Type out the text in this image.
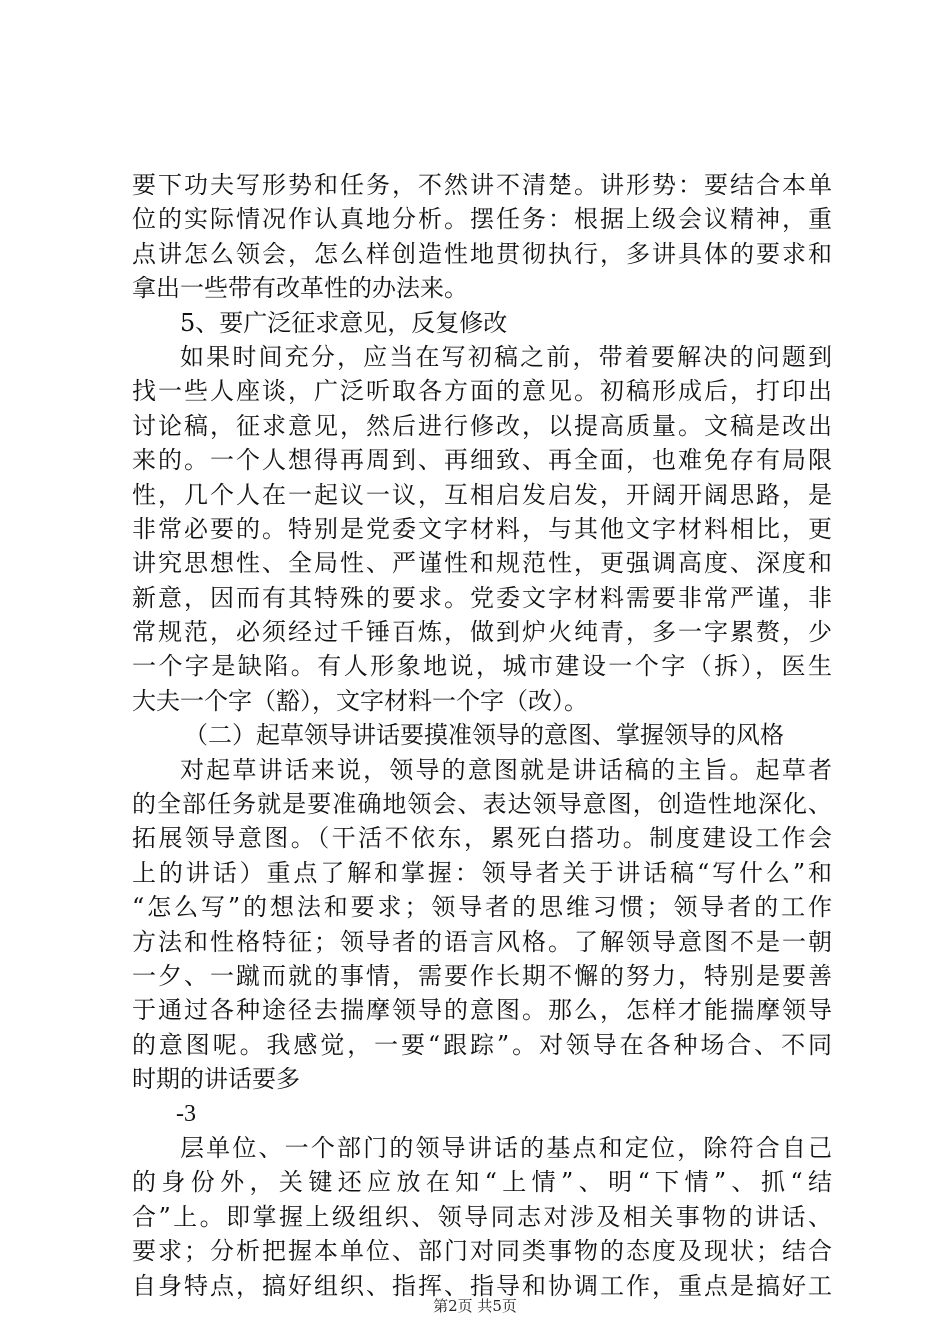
要下功夫写形势和任务，不然讲不清楚。讲形势：要结合本单
位的实际情况作认真地分析。摆任务：根据上级会议精神，重
点讲怎么领会，怎么样创造性地贯彻执行，多讲具体的要求和
拿出一些带有改革性的办法来。
5、要广泛征求意见，反复修改
如果时间充分，应当在写初稿之前，带着要解决的问题到
找一些人座谈，广泛听取各方面的意见。初稿形成后，打印出
讨论稿，征求意见，然后进行修改，以提高质量。文稿是改出
来的。一个人想得再周到、再细致、再全面，也难免存有局限
性，几个人在一起议一议，互相启发启发，开阔开阔思路，是
非常必要的。特别是党委文字材料，与其他文字材料相比，更
讲究思想性、全局性、严谨性和规范性，更强调高度、深度和
新意，因而有其特殊的要求。党委文字材料需要非常严谨，非
常规范，必须经过千锤百炼，做到炉火纯青，多一字累赘，少
一个字是缺陷。有人形象地说，城市建设一个字（拆），医生
大夫一个字（豁），文字材料一个字（改）。
（二）起草领导讲话要摸准领导的意图、掌握领导的风格
对起草讲话来说，领导的意图就是讲话稿的主旨。起草者
的全部任务就是要准确地领会、表达领导意图，创造性地深化、
拓展领导意图。（干活不依东，累死白搭功。制度建设工作会
上的讲话）重点了解和掌握：领导者关于讲话稿“写什么”和
“怎么写”的想法和要求；领导者的思维习惯；领导者的工作
方法和性格特征；领导者的语言风格。了解领导意图不是一朝
一夕、一蹴而就的事情，需要作长期不懈的努力，特别是要善
于通过各种途径去揣摩领导的意图。那么，怎样才能揣摩领导
的意图呢。我感觉，一要“跟踪”。对领导在各种场合、不同
时期的讲话要多
-3
层单位、一个部门的领导讲话的基点和定位，除符合自己
的身份外，关键还应放在知“上情”、明“下情”、抓“结
合”上。即掌握上级组织、领导同志对涉及相关事物的讲话、
要求；分析把握本单位、部门对同类事物的态度及现状；结合
自身特点，搞好组织、指挥、指导和协调工作，重点是搞好工
第2页 共5页
